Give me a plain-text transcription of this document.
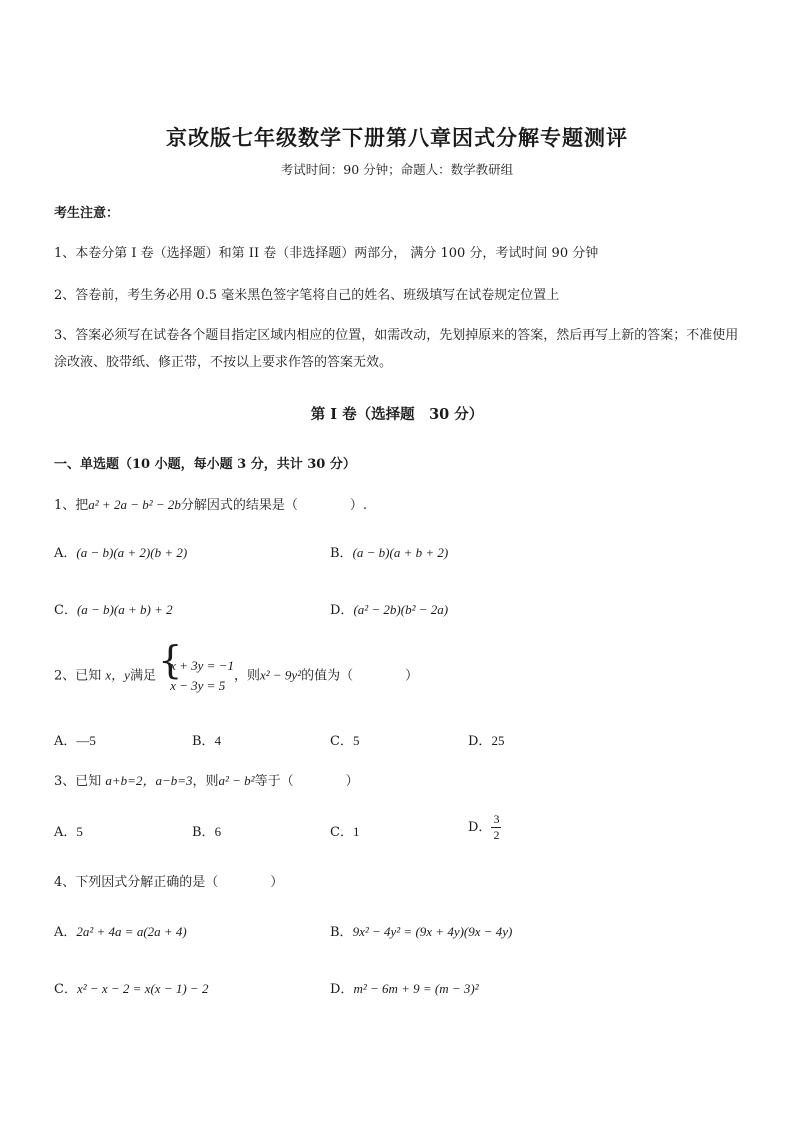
京改版七年级数学下册第八章因式分解专题测评
考试时间：90 分钟；命题人：数学教研组
考生注意：
1、本卷分第 I 卷（选择题）和第 II 卷（非选择题）两部分， 满分 100 分，考试时间 90 分钟
2、答卷前，考生务必用 0.5 毫米黑色签字笔将自己的姓名、班级填写在试卷规定位置上
3、答案必须写在试卷各个题目指定区域内相应的位置，如需改动，先划掉原来的答案，然后再写上新的答案；不准使用涂改液、胶带纸、修正带，不按以上要求作答的答案无效。
第 I 卷（选择题　30 分）
一、单选题（10 小题，每小题 3 分，共计 30 分）
1、把a² + 2a − b² − 2b分解因式的结果是（　　　　）.
A．(a − b)(a + 2)(b + 2)	B．(a − b)(a + b + 2)
C．(a − b)(a + b) + 2	D．(a² − 2b)(b² − 2a)
2、已知 x，y满足 {
x + 3y = −1
x − 3y = 5
，则x² − 9y²的值为（　　　　）
A．—5	B．4	C．5	D．25
3、已知 a+b=2，a−b=3，则a² − b²等于（　　　　）
A．5	B．6	C．1	D． $\frac{3}{2}$
4、下列因式分解正确的是（　　　　）
A．2a² + 4a = a(2a + 4)	B．9x² − 4y² = (9x + 4y)(9x − 4y)
C．x² − x − 2 = x(x − 1) − 2	D．m² − 6m + 9 = (m − 3)²
